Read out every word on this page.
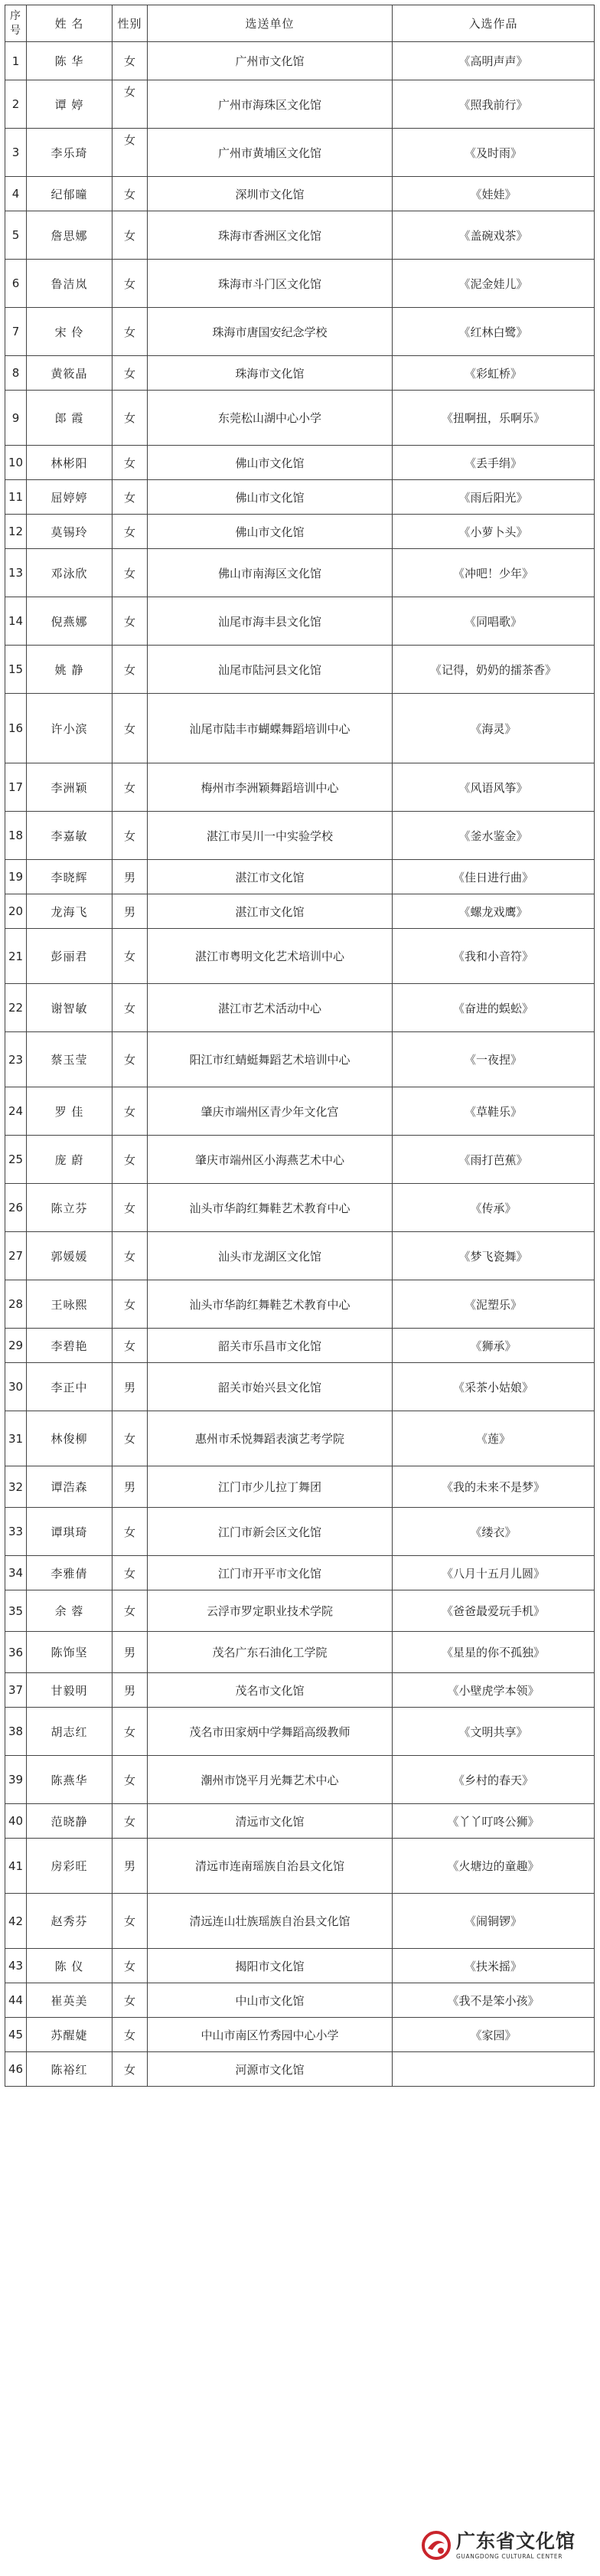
序号	姓 名	性别	选送单位	入选作品
1	陈 华	女	广州市文化馆	《高明声声》
2	谭 婷	女	广州市海珠区文化馆	《照我前行》
3	李乐琦	女	广州市黄埔区文化馆	《及时雨》
4	纪郁曈	女	深圳市文化馆	《娃娃》
5	詹思娜	女	珠海市香洲区文化馆	《盖碗戏茶》
6	鲁洁岚	女	珠海市斗门区文化馆	《泥金娃儿》
7	宋 伶	女	珠海市唐国安纪念学校	《红林白鹭》
8	黄筱晶	女	珠海市文化馆	《彩虹桥》
9	郎 霞	女	东莞松山湖中心小学	《扭啊扭，乐啊乐》
10	林彬阳	女	佛山市文化馆	《丢手绢》
11	屈婷婷	女	佛山市文化馆	《雨后阳光》
12	莫锡玲	女	佛山市文化馆	《小萝卜头》
13	邓泳欣	女	佛山市南海区文化馆	《冲吧！少年》
14	倪燕娜	女	汕尾市海丰县文化馆	《同唱歌》
15	姚 静	女	汕尾市陆河县文化馆	《记得，奶奶的擂茶香》
16	许小滨	女	汕尾市陆丰市蝴蝶舞蹈培训中心	《海灵》
17	李洲颖	女	梅州市李洲颖舞蹈培训中心	《风语风筝》
18	李嘉敏	女	湛江市吴川一中实验学校	《釜水鉴金》
19	李晓辉	男	湛江市文化馆	《佳日进行曲》
20	龙海飞	男	湛江市文化馆	《螺龙戏鹰》
21	彭丽君	女	湛江市粤明文化艺术培训中心	《我和小音符》
22	谢智敏	女	湛江市艺术活动中心	《奋进的蜈蚣》
23	蔡玉莹	女	阳江市红蜻蜓舞蹈艺术培训中心	《一夜捏》
24	罗 佳	女	肇庆市端州区青少年文化宫	《草鞋乐》
25	庞 蔚	女	肇庆市端州区小海燕艺术中心	《雨打芭蕉》
26	陈立芬	女	汕头市华韵红舞鞋艺术教育中心	《传承》
27	郭媛媛	女	汕头市龙湖区文化馆	《梦飞瓷舞》
28	王咏熙	女	汕头市华韵红舞鞋艺术教育中心	《泥塑乐》
29	李碧艳	女	韶关市乐昌市文化馆	《狮承》
30	李正中	男	韶关市始兴县文化馆	《采茶小姑娘》
31	林俊柳	女	惠州市禾悦舞蹈表演艺考学院	《莲》
32	谭浩森	男	江门市少儿拉丁舞团	《我的未来不是梦》
33	谭琪琦	女	江门市新会区文化馆	《缕衣》
34	李雅倩	女	江门市开平市文化馆	《八月十五月儿圆》
35	余 蓉	女	云浮市罗定职业技术学院	《爸爸最爱玩手机》
36	陈饰坚	男	茂名广东石油化工学院	《星星的你不孤独》
37	甘毅明	男	茂名市文化馆	《小壁虎学本领》
38	胡志红	女	茂名市田家炳中学舞蹈高级教师	《文明共享》
39	陈燕华	女	潮州市饶平月光舞艺术中心	《乡村的春天》
40	范晓静	女	清远市文化馆	《丫丫叮咚公狮》
41	房彩旺	男	清远市连南瑶族自治县文化馆	《火塘边的童趣》
42	赵秀芬	女	清远连山壮族瑶族自治县文化馆	《闹铜锣》
43	陈 仪	女	揭阳市文化馆	《扶米摇》
44	崔英美	女	中山市文化馆	《我不是笨小孩》
45	苏醒婕	女	中山市南区竹秀园中心小学	《家园》
46	陈裕红	女	河源市文化馆	
广东省文化馆
GUANGDONG CULTURAL CENTER
